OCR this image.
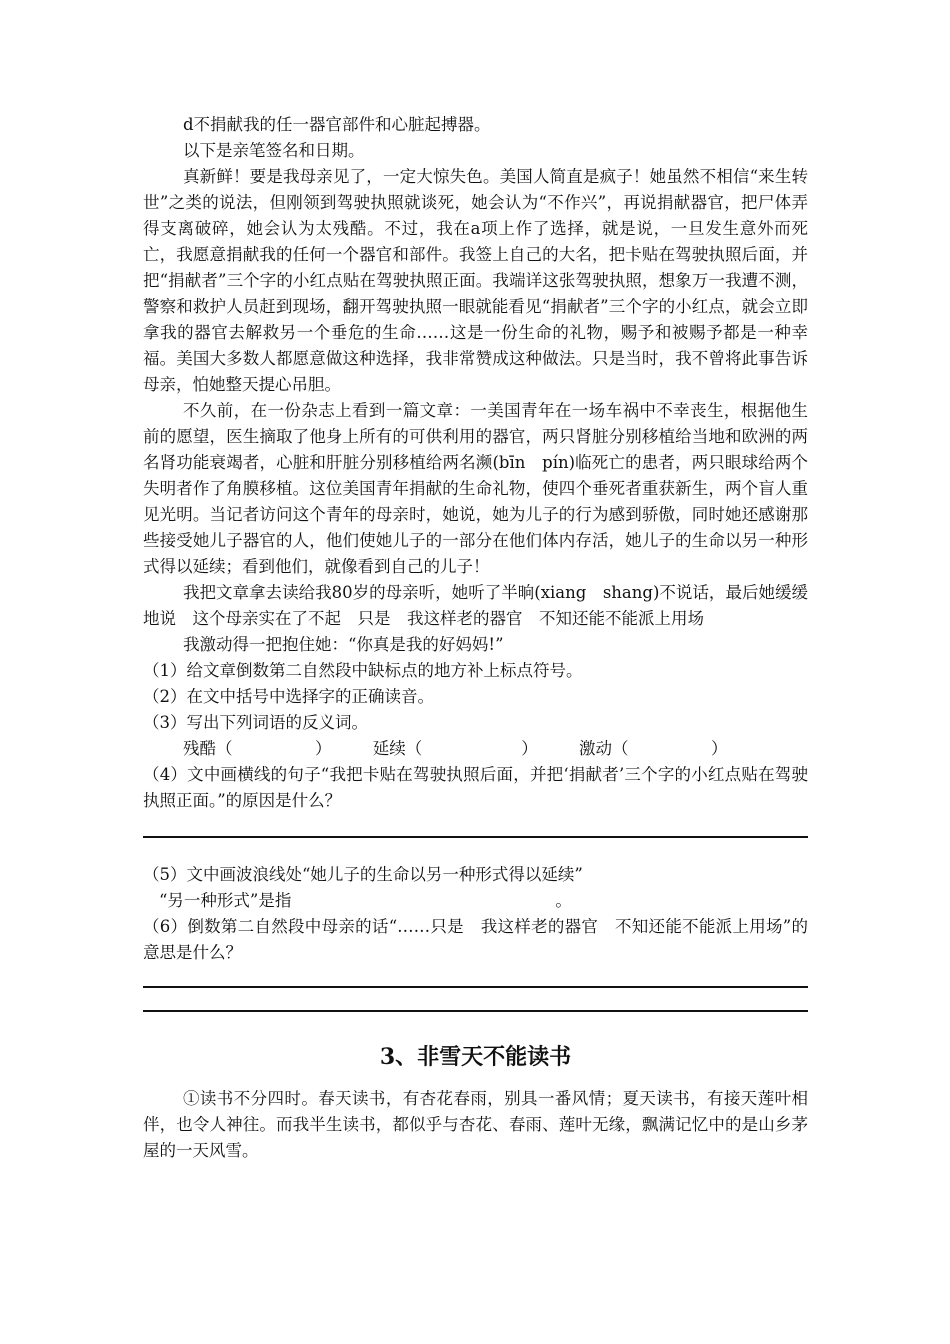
d不捐献我的任一器官部件和心脏起搏器。

以下是亲笔签名和日期。

真新鲜！要是我母亲见了，一定大惊失色。美国人简直是疯子！她虽然不相信“来生转世”之类的说法，但刚领到驾驶执照就谈死，她会认为“不作兴”，再说捐献器官，把尸体弄得支离破碎，她会认为太残酷。不过，我在a项上作了选择，就是说，一旦发生意外而死亡，我愿意捐献我的任何一个器官和部件。我签上自己的大名，把卡贴在驾驶执照后面，并把“捐献者”三个字的小红点贴在驾驶执照正面。我端详这张驾驶执照，想象万一我遭不测，警察和救护人员赶到现场，翻开驾驶执照一眼就能看见“捐献者”三个字的小红点，就会立即拿我的器官去解救另一个垂危的生命……这是一份生命的礼物，赐予和被赐予都是一种幸福。美国大多数人都愿意做这种选择，我非常赞成这种做法。只是当时，我不曾将此事告诉母亲，怕她整天提心吊胆。

不久前，在一份杂志上看到一篇文章：一美国青年在一场车祸中不幸丧生，根据他生前的愿望，医生摘取了他身上所有的可供利用的器官，两只肾脏分别移植给当地和欧洲的两名肾功能衰竭者，心脏和肝脏分别移植给两名濒(bīn　pín)临死亡的患者，两只眼球给两个失明者作了角膜移植。这位美国青年捐献的生命礼物，使四个垂死者重获新生，两个盲人重见光明。当记者访问这个青年的母亲时，她说，她为儿子的行为感到骄傲，同时她还感谢那些接受她儿子器官的人，他们使她儿子的一部分在他们体内存活，她儿子的生命以另一种形式得以延续；看到他们，就像看到自己的儿子！

我把文章拿去读给我80岁的母亲听，她听了半晌(xiang　shang)不说话，最后她缓缓地说　这个母亲实在了不起　只是　我这样老的器官　不知还能不能派上用场

我激动得一把抱住她：“你真是我的好妈妈!”

（1）给文章倒数第二自然段中缺标点的地方补上标点符号。

（2）在文中括号中选择字的正确读音。

（3）写出下列词语的反义词。

残酷（　　　　　）　　　延续（　　　　　　）　　　激动（　　　　　）

（4）文中画横线的句子“我把卡贴在驾驶执照后面，并把‘捐献者’三个字的小红点贴在驾驶执照正面。”的原因是什么？

（5）文中画波浪线处“她儿子的生命以另一种形式得以延续”

“另一种形式”是指　　　　　　　　　　　　　　　　。

（6）倒数第二自然段中母亲的话“……只是　我这样老的器官　不知还能不能派上用场”的意思是什么？

3、非雪天不能读书

①读书不分四时。春天读书，有杏花春雨，别具一番风情；夏天读书，有接天莲叶相伴，也令人神往。而我半生读书，都似乎与杏花、春雨、莲叶无缘，飘满记忆中的是山乡茅屋的一天风雪。
